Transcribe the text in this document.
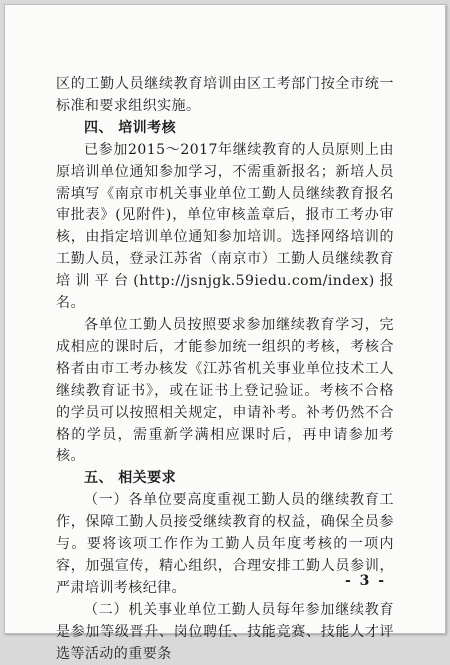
区的工勤人员继续教育培训由区工考部门按全市统一标准和要求组织实施。

四、 培训考核

已参加2015～2017年继续教育的人员原则上由原培训单位通知参加学习，不需重新报名；新培人员需填写《南京市机关事业单位工勤人员继续教育报名审批表》(见附件)，单位审核盖章后，报市工考办审核，由指定培训单位通知参加培训。选择网络培训的工勤人员，登录江苏省（南京市）工勤人员继续教育培训平台(http://jsnjgk.59iedu.com/index)报名。

各单位工勤人员按照要求参加继续教育学习，完成相应的课时后，才能参加统一组织的考核，考核合格者由市工考办核发《江苏省机关事业单位技术工人继续教育证书》，或在证书上登记验证。考核不合格的学员可以按照相关规定，申请补考。补考仍然不合格的学员，需重新学满相应课时后，再申请参加考核。

五、 相关要求

（一）各单位要高度重视工勤人员的继续教育工作，保障工勤人员接受继续教育的权益，确保全员参与。要将该项工作作为工勤人员年度考核的一项内容，加强宣传，精心组织，合理安排工勤人员参训，严肃培训考核纪律。

（二）机关事业单位工勤人员每年参加继续教育是参加等级晋升、岗位聘任、技能竞赛、技能人才评选等活动的重要条

- 3 -
